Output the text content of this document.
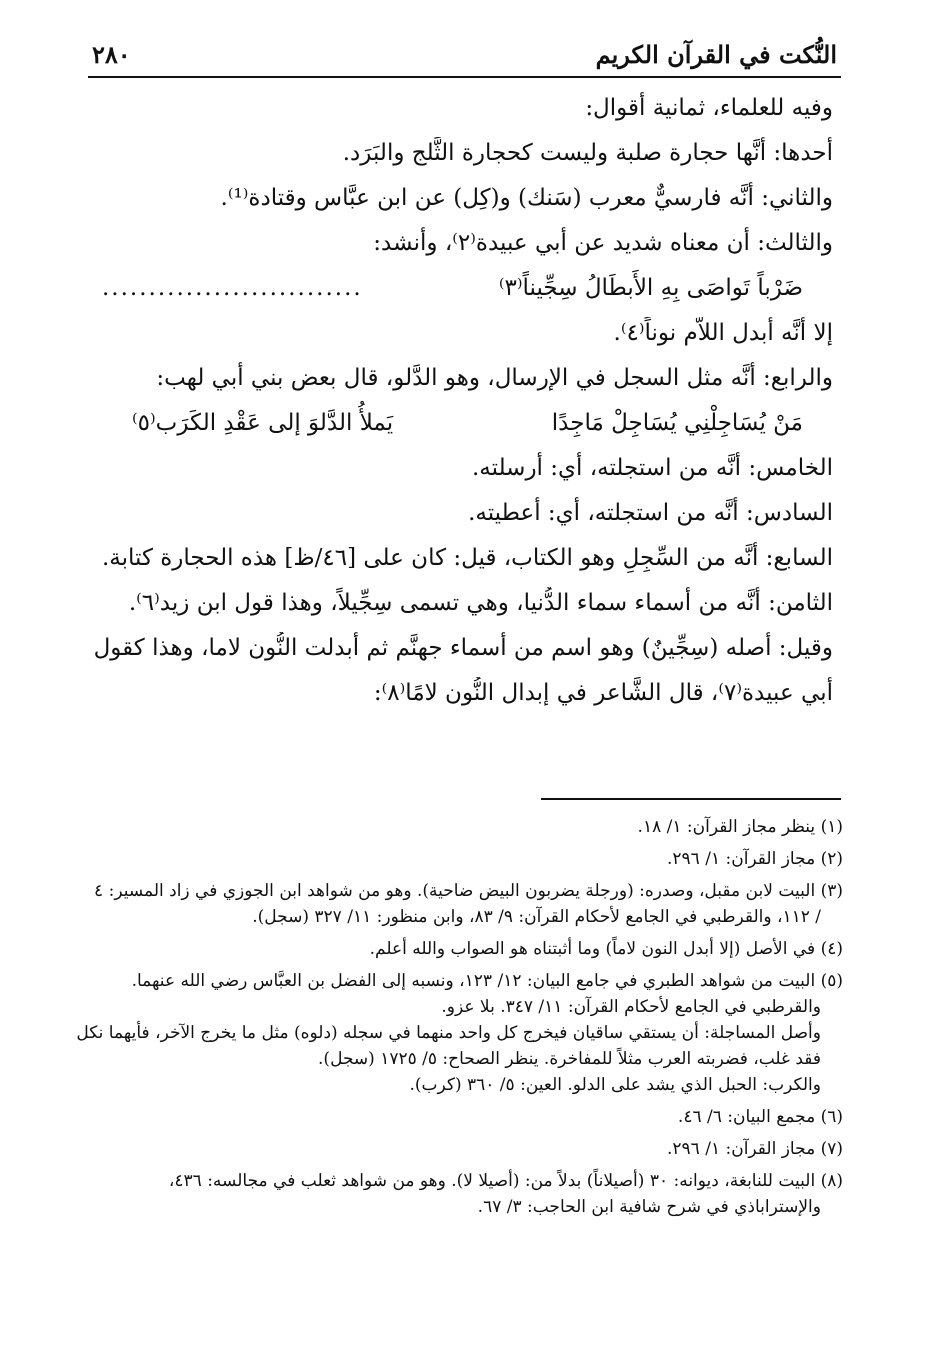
النُّكت في القرآن الكريم
٢٨٠
وفيه للعلماء، ثمانية أقوال:
أحدها: أنَّها حجارة صلبة وليست كحجارة الثَّلج والبَرَد.
والثاني: أنَّه فارسيٌّ معرب (سَنك) و(كِل) عن ابن عبَّاس وقتادة⁽¹⁾.
والثالث: أن معناه شديد عن أبي عبيدة⁽٢⁾، وأنشد:
ضَرْباً تَواصَى بِهِ الأَبطَالُ سِجِّيناً⁽٣⁾
............................
إلا أنَّه أبدل اللاَّم نوناً⁽٤⁾.
والرابع: أنَّه مثل السجل في الإرسال، وهو الدَّلو، قال بعض بني أبي لهب:
مَنْ يُسَاجِلْنِي يُسَاجِلْ مَاجِدًا
يَملأُ الدَّلوَ إلى عَقْدِ الكَرَب⁽٥⁾
الخامس: أنَّه من استجلته، أي: أرسلته.
السادس: أنَّه من استجلته، أي: أعطيته.
السابع: أنَّه من السِّجِلِ وهو الكتاب، قيل: كان على [٤٦/ظ] هذه الحجارة كتابة.
الثامن: أنَّه من أسماء سماء الدُّنيا، وهي تسمى سِجِّيلاً، وهذا قول ابن زيد⁽٦⁾.
وقيل: أصله (سِجِّينٌ) وهو اسم من أسماء جهنَّم ثم أبدلت النُّون لاما، وهذا كقول
أبي عبيدة⁽٧⁾، قال الشَّاعر في إبدال النُّون لامًا⁽٨⁾:
(١) ينظر مجاز القرآن: ١/ ١٨.
(٢) مجاز القرآن: ١/ ٢٩٦.
(٣) البيت لابن مقبل، وصدره: (ورجلة يضربون البيض ضاحية). وهو من شواهد ابن الجوزي في زاد المسير: ٤
/ ١١٢، والقرطبي في الجامع لأحكام القرآن: ٩/ ٨٣، وابن منظور: ١١/ ٣٢٧ (سجل).
(٤) في الأصل (إلا أبدل النون لاماً) وما أثبتناه هو الصواب والله أعلم.
(٥) البيت من شواهد الطبري في جامع البيان: ١٢/ ١٢٣، ونسبه إلى الفضل بن العبَّاس رضي الله عنهما.
والقرطبي في الجامع لأحكام القرآن: ١١/ ٣٤٧. بلا عزو.
وأصل المساجلة: أن يستقي ساقيان فيخرج كل واحد منهما في سجله (دلوه) مثل ما يخرج الآخر، فأيهما نكل
فقد غلب، فضربته العرب مثلاً للمفاخرة. ينظر الصحاح: ٥/ ١٧٢٥ (سجل).
والكرب: الحبل الذي يشد على الدلو. العين: ٥/ ٣٦٠ (كرب).
(٦) مجمع البيان: ٦/ ٤٦.
(٧) مجاز القرآن: ١/ ٢٩٦.
(٨) البيت للنابغة، ديوانه: ٣٠ (أصيلاناً) بدلاً من: (أصيلا لا). وهو من شواهد ثعلب في مجالسه: ٤٣٦،
والإستراباذي في شرح شافية ابن الحاجب: ٣/ ٦٧.
